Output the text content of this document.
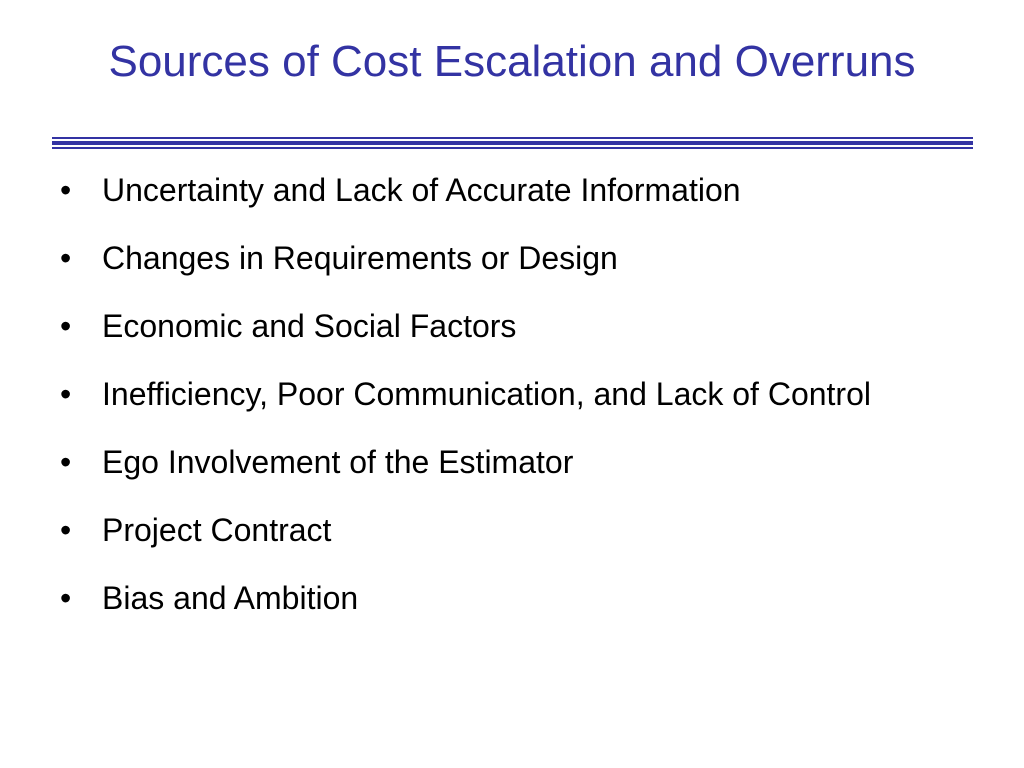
Sources of Cost Escalation and Overruns
• Uncertainty and Lack of Accurate Information
• Changes in Requirements or Design
• Economic and Social Factors
• Inefficiency, Poor Communication, and Lack of Control
• Ego Involvement of the Estimator
• Project Contract
• Bias and Ambition
